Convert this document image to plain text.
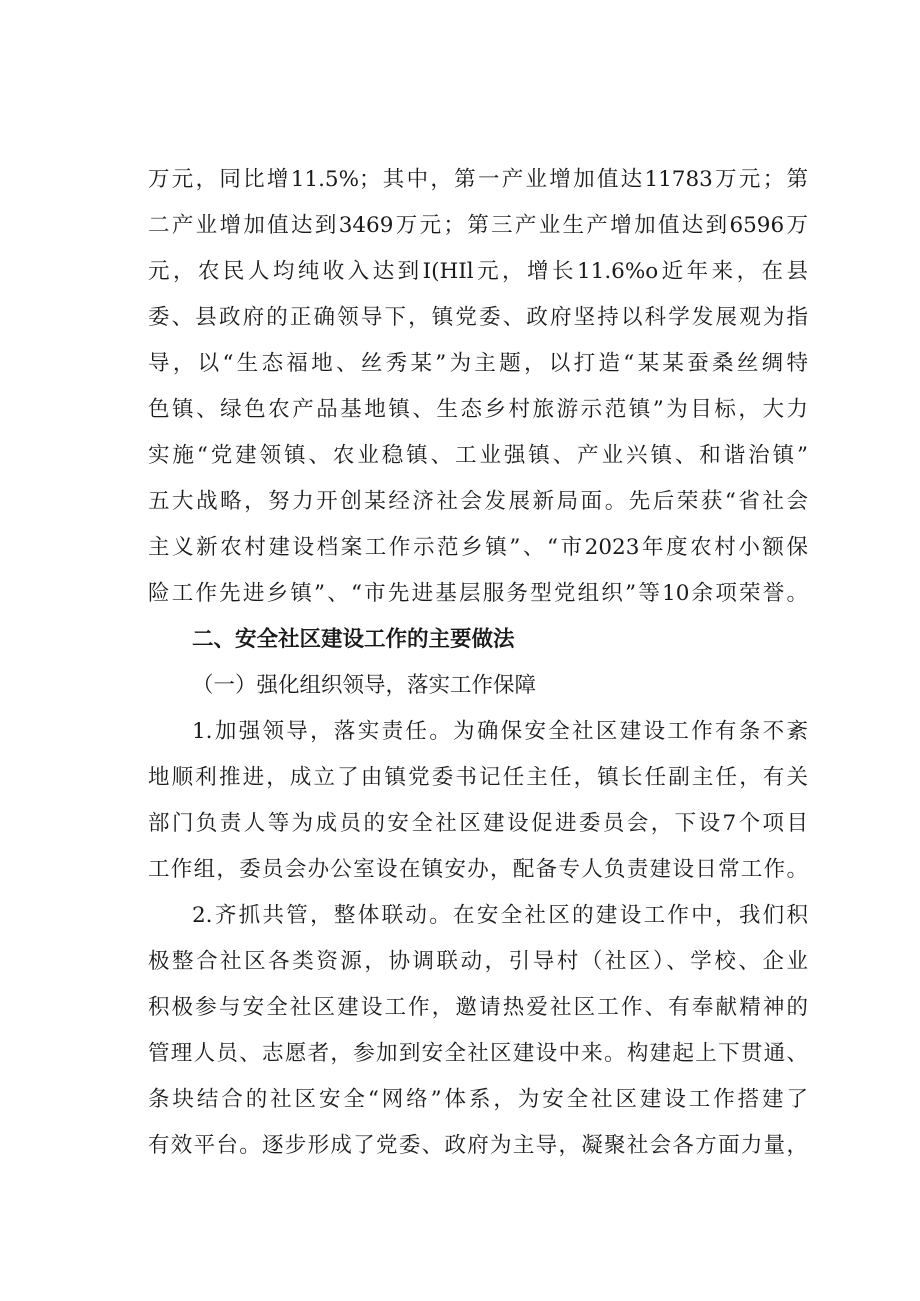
万元，同比增11.5%；其中，第一产业增加值达11783万元；第
二产业增加值达到3469万元；第三产业生产增加值达到6596万
元，农民人均纯收入达到I(HIl元，增长11.6%o近年来，在县
委、县政府的正确领导下，镇党委、政府坚持以科学发展观为指
导，以“生态福地、丝秀某”为主题，以打造“某某蚕桑丝绸特
色镇、绿色农产品基地镇、生态乡村旅游示范镇”为目标，大力
实施“党建领镇、农业稳镇、工业强镇、产业兴镇、和谐治镇”
五大战略，努力开创某经济社会发展新局面。先后荣获“省社会
主义新农村建设档案工作示范乡镇”、“市2023年度农村小额保
险工作先进乡镇”、“市先进基层服务型党组织”等10余项荣誉。
二、安全社区建设工作的主要做法
（一）强化组织领导，落实工作保障
1.加强领导，落实责任。为确保安全社区建设工作有条不紊
地顺利推进，成立了由镇党委书记任主任，镇长任副主任，有关
部门负责人等为成员的安全社区建设促进委员会，下设7个项目
工作组，委员会办公室设在镇安办，配备专人负责建设日常工作。
2.齐抓共管，整体联动。在安全社区的建设工作中，我们积
极整合社区各类资源，协调联动，引导村（社区）、学校、企业
积极参与安全社区建设工作，邀请热爱社区工作、有奉献精神的
管理人员、志愿者，参加到安全社区建设中来。构建起上下贯通、
条块结合的社区安全“网络”体系，为安全社区建设工作搭建了
有效平台。逐步形成了党委、政府为主导，凝聚社会各方面力量，
